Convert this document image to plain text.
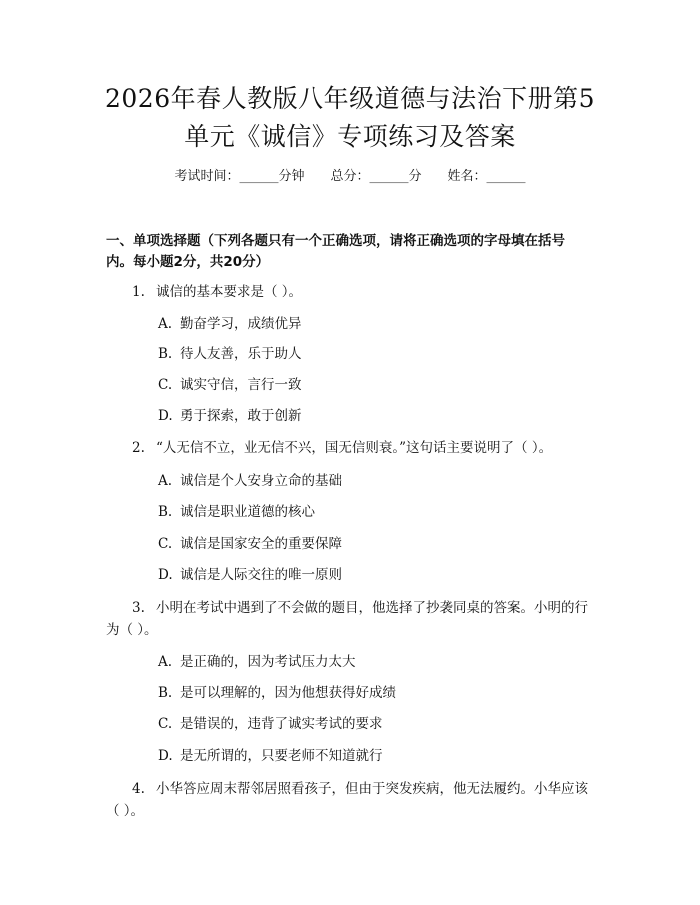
2026年春人教版八年级道德与法治下册第5
单元《诚信》专项练习及答案
考试时间：______分钟 总分：______分 姓名：______
一、单项选择题（下列各题只有一个正确选项，请将正确选项的字母填在括号
内。每小题2分，共20分）
1. 诚信的基本要求是（ ）。
A. 勤奋学习，成绩优异
B. 待人友善，乐于助人
C. 诚实守信，言行一致
D. 勇于探索，敢于创新
2. “人无信不立，业无信不兴，国无信则衰。”这句话主要说明了（ ）。
A. 诚信是个人安身立命的基础
B. 诚信是职业道德的核心
C. 诚信是国家安全的重要保障
D. 诚信是人际交往的唯一原则
3. 小明在考试中遇到了不会做的题目，他选择了抄袭同桌的答案。小明的行
为（ ）。
A. 是正确的，因为考试压力太大
B. 是可以理解的，因为他想获得好成绩
C. 是错误的，违背了诚实考试的要求
D. 是无所谓的，只要老师不知道就行
4. 小华答应周末帮邻居照看孩子，但由于突发疾病，他无法履约。小华应该
（ ）。
